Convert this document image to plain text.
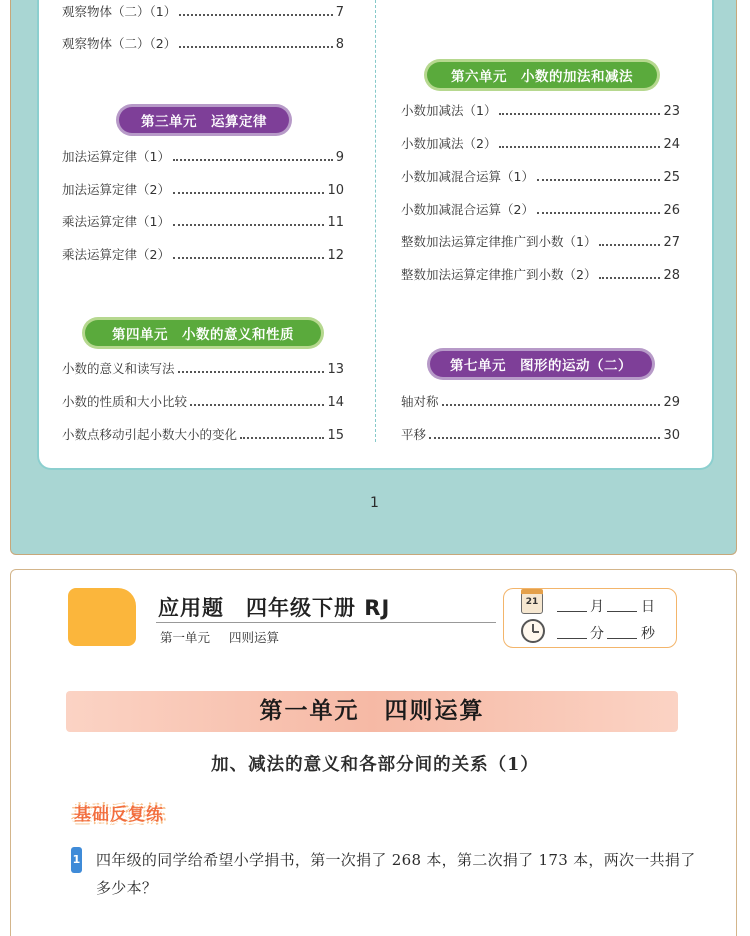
1
观察物体（二）（1）	7
观察物体（二）（2）	8
第三单元　运算定律
加法运算定律（1）	9
加法运算定律（2）	10
乘法运算定律（1）	11
乘法运算定律（2）	12
第四单元　小数的意义和性质
小数的意义和读写法	13
小数的性质和大小比较	14
小数点移动引起小数大小的变化	15
第六单元　小数的加法和减法
小数加减法（1）	23
小数加减法（2）	24
小数加减混合运算（1）	25
小数加减混合运算（2）	26
整数加法运算定律推广到小数（1）	27
整数加法运算定律推广到小数（2）	28
第七单元　图形的运动（二）
轴对称	29
平移	30
应用题　四年级下册 RJ
第一单元 四则运算
21	月	日
分	秒
第一单元　四则运算
加、减法的意义和各部分间的关系（1）
基础反复练
1 四年级的同学给希望小学捐书，第一次捐了 268 本，第二次捐了 173 本，两次一共捐了多少本？
